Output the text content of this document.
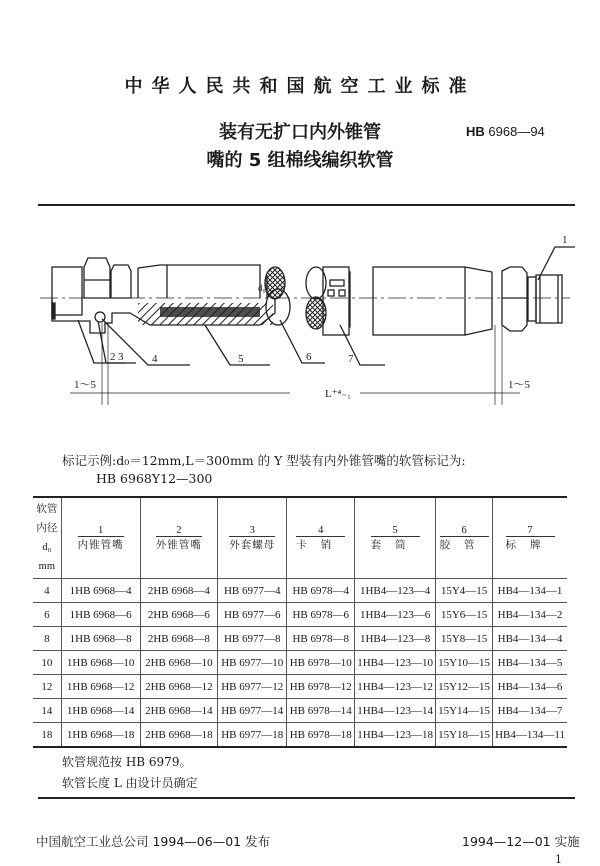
中华人民共和国航空工业标准
装有无扩口内外锥管
嘴的 5 组棉线编织软管
HB 6968—94
2 3	4	5	6	7
1
d₀
L⁺⁴₋₁
1～5	1～5
标记示例:d₀＝12mm,L＝300mm 的 Y 型装有内外锥管嘴的软管标记为:
HB 6968Y12—300
软管
内径
d₀
mm

$\frac{1}{\text{内锥管嘴}}$	$\frac{2}{\text{外锥管嘴}}$	$\frac{3}{\text{外套螺母}}$	$\frac{4}{\text{卡销}}$	$\frac{5}{\text{套筒}}$	$\frac{6}{\text{胶管}}$	$\frac{7}{\text{标牌}}$

4	1HB 6968—4	2HB 6968—4	HB 6977—4	HB 6978—4	1HB4—123—4	15Y4—15	HB4—134—1
6	1HB 6968—6	2HB 6968—6	HB 6977—6	HB 6978—6	1HB4—123—6	15Y6—15	HB4—134—2
8	1HB 6968—8	2HB 6968—8	HB 6977—8	HB 6978—8	1HB4—123—8	15Y8—15	HB4—134—4
10	1HB 6968—10	2HB 6968—10	HB 6977—10	HB 6978—10	1HB4—123—10	15Y10—15	HB4—134—5
12	1HB 6968—12	2HB 6968—12	HB 6977—12	HB 6978—12	1HB4—123—12	15Y12—15	HB4—134—6
14	1HB 6968—14	2HB 6968—14	HB 6977—14	HB 6978—14	1HB4—123—14	15Y14—15	HB4—134—7
18	1HB 6968—18	2HB 6968—18	HB 6977—18	HB 6978—18	1HB4—123—18	15Y18—15	HB4—134—11
软管规范按 HB 6979。
软管长度 L 由设计员确定
中国航空工业总公司 1994—06—01 发布	1994—12—01 实施
1
